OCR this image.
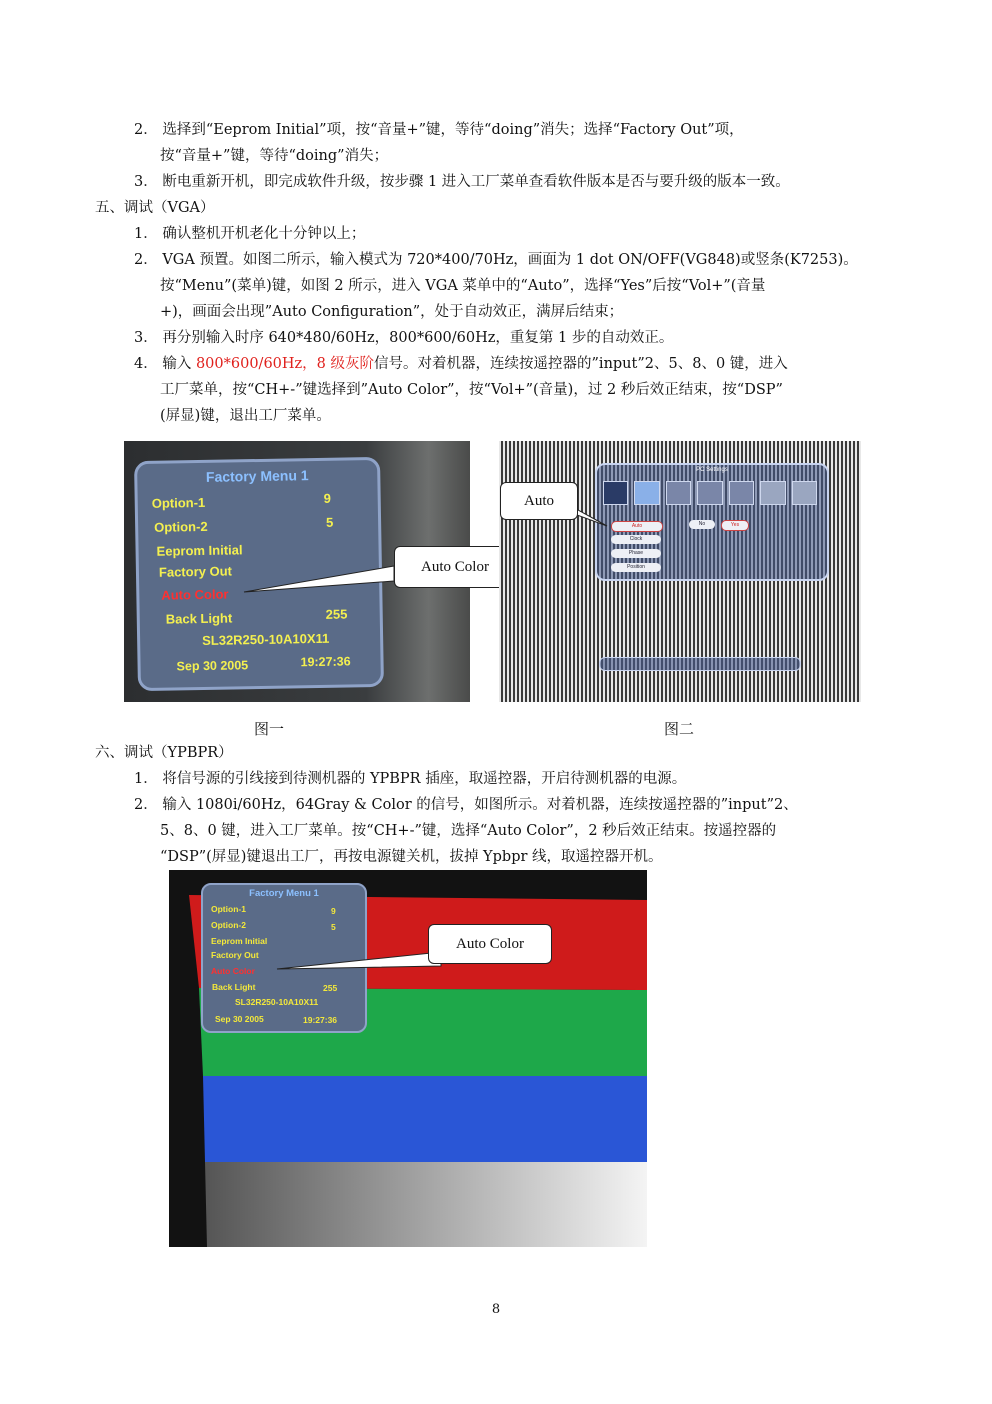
2． 选择到“Eeprom Initial”项，按“音量+”键，等待“doing”消失；选择“Factory Out”项，
按“音量+”键，等待“doing”消失；
3． 断电重新开机，即完成软件升级，按步骤 1 进入工厂菜单查看软件版本是否与要升级的版本一致。
五、调试（VGA）
1． 确认整机开机老化十分钟以上；
2． VGA 预置。如图二所示，输入模式为 720*400/70Hz，画面为 1 dot ON/OFF(VG848)或竖条(K7253)。
按“Menu”(菜单)键，如图 2 所示，进入 VGA 菜单中的“Auto”，选择“Yes”后按“Vol+”(音量
+)，画面会出现”Auto Configuration”，处于自动效正，满屏后结束；
3． 再分别输入时序 640*480/60Hz，800*600/60Hz，重复第 1 步的自动效正。
4． 输入 800*600/60Hz，8 级灰阶信号。对着机器，连续按遥控器的”input”2、5、8、0 键，进入
工厂菜单，按“CH+-”键选择到”Auto Color”，按“Vol+”(音量)，过 2 秒后效正结束，按“DSP”
(屏显)键，退出工厂菜单。
Factory Menu 1
Option-1	9
Option-2	5
Eeprom Initial
Factory Out
Auto Color
Back Light	255
SL32R250-10A10X11
Sep 30 2005	19:27:36
Auto Color
PC Settings
Auto
Clock
Phase
Position
No	Yes
Auto
图一	图二
六、调试（YPBPR）
1． 将信号源的引线接到待测机器的 YPBPR 插座，取遥控器，开启待测机器的电源。
2． 输入 1080i/60Hz，64Gray & Color 的信号，如图所示。对着机器，连续按遥控器的”input”2、
5、8、0 键，进入工厂菜单。按“CH+-”键，选择“Auto Color”，2 秒后效正结束。按遥控器的
“DSP”(屏显)键退出工厂，再按电源键关机，拔掉 Ypbpr 线，取遥控器开机。
Factory Menu 1
Option-1	9
Option-2	5
Eeprom Initial
Factory Out
Auto Color
Back Light	255
SL32R250-10A10X11
Sep 30 2005	19:27:36
Auto Color
8
